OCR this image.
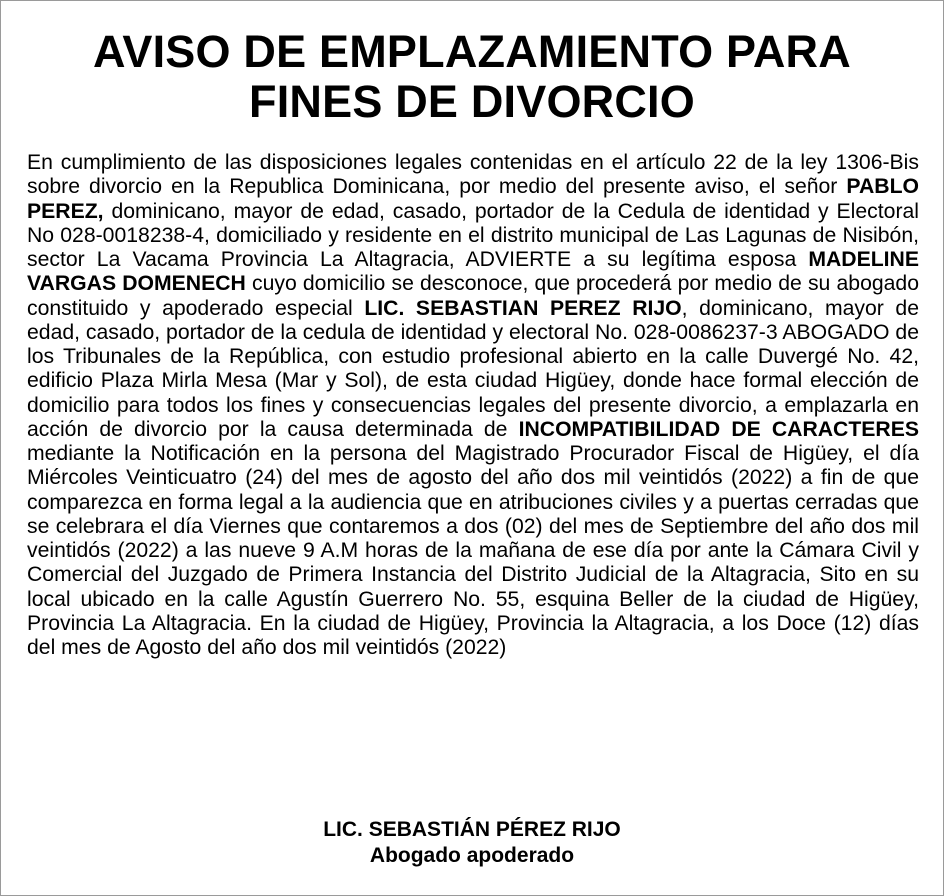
AVISO DE EMPLAZAMIENTO PARA
FINES DE DIVORCIO

En cumplimiento de las disposiciones legales contenidas en el artículo 22 de la ley 1306-Bis sobre divorcio en la Republica Dominicana, por medio del presente aviso, el señor PABLO PEREZ, dominicano, mayor de edad, casado, portador de la Cedula de identidad y Electoral No 028-0018238-4, domiciliado y residente en el distrito municipal de Las Lagunas de Nisibón, sector La Vacama Provincia La Altagracia, ADVIERTE a su legítima esposa MADELINE VARGAS DOMENECH cuyo domicilio se desconoce, que procederá por medio de su abogado constituido y apoderado especial LIC. SEBASTIAN PEREZ RIJO, dominicano, mayor de edad, casado, portador de la cedula de identidad y electoral No. 028-0086237-3 ABOGADO de los Tribunales de la República, con estudio profesional abierto en la calle Duvergé No. 42, edificio Plaza Mirla Mesa (Mar y Sol), de esta ciudad Higüey, donde hace formal elección de domicilio para todos los fines y consecuencias legales del presente divorcio, a emplazarla en acción de divorcio por la causa determinada de INCOMPATIBILIDAD DE CARACTERES mediante la Notificación en la persona del Magistrado Procurador Fiscal de Higüey, el día Miércoles Veinticuatro (24) del mes de agosto del año dos mil veintidós (2022) a fin de que comparezca en forma legal a la audiencia que en atribuciones civiles y a puertas cerradas que se celebrara el día Viernes que contaremos a dos (02) del mes de Septiembre del año dos mil veintidós (2022) a las nueve 9 A.M horas de la mañana de ese día por ante la Cámara Civil y Comercial del Juzgado de Primera Instancia del Distrito Judicial de la Altagracia, Sito en su local ubicado en la calle Agustín Guerrero No. 55, esquina Beller de la ciudad de Higüey, Provincia La Altagracia. En la ciudad de Higüey, Provincia la Altagracia, a los Doce (12) días del mes de Agosto del año dos mil veintidós (2022)

LIC. SEBASTIÁN PÉREZ RIJO
Abogado apoderado
